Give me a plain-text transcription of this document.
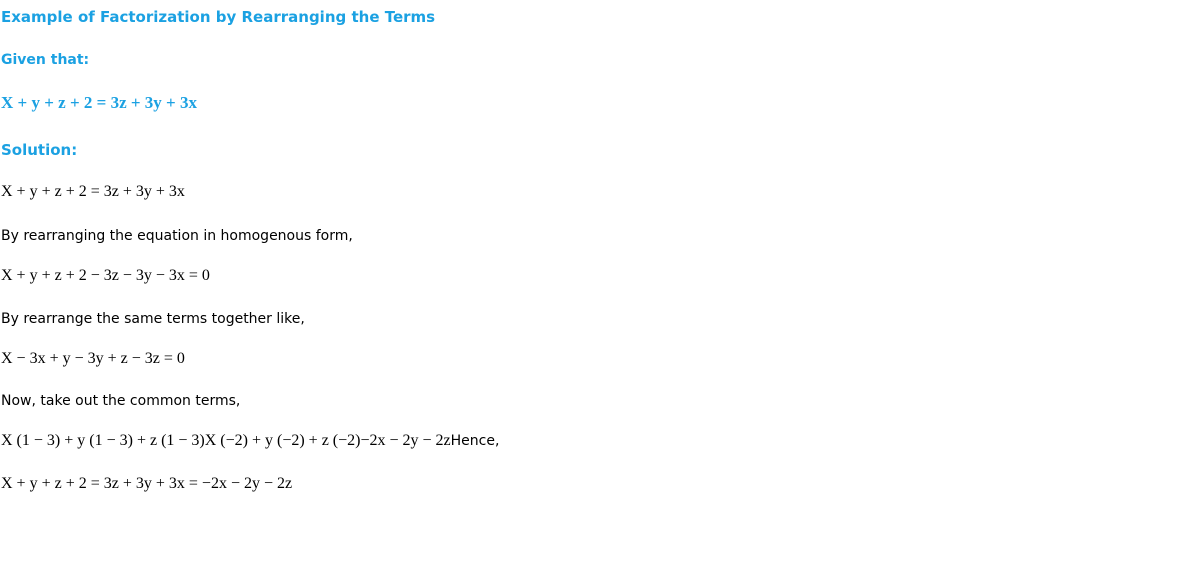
Example of Factorization by Rearranging the Terms
Given that:
X + y + z + 2 = 3z + 3y + 3x
Solution:
X + y + z + 2 = 3z + 3y + 3x
By rearranging the equation in homogenous form,
X + y + z + 2 − 3z − 3y − 3x = 0
By rearrange the same terms together like,
X − 3x + y − 3y + z − 3z = 0
Now, take out the common terms,
X (1 − 3) + y (1 − 3) + z (1 − 3)X (−2) + y (−2) + z (−2)−2x − 2y − 2zHence,
X + y + z + 2 = 3z + 3y + 3x = −2x − 2y − 2z
